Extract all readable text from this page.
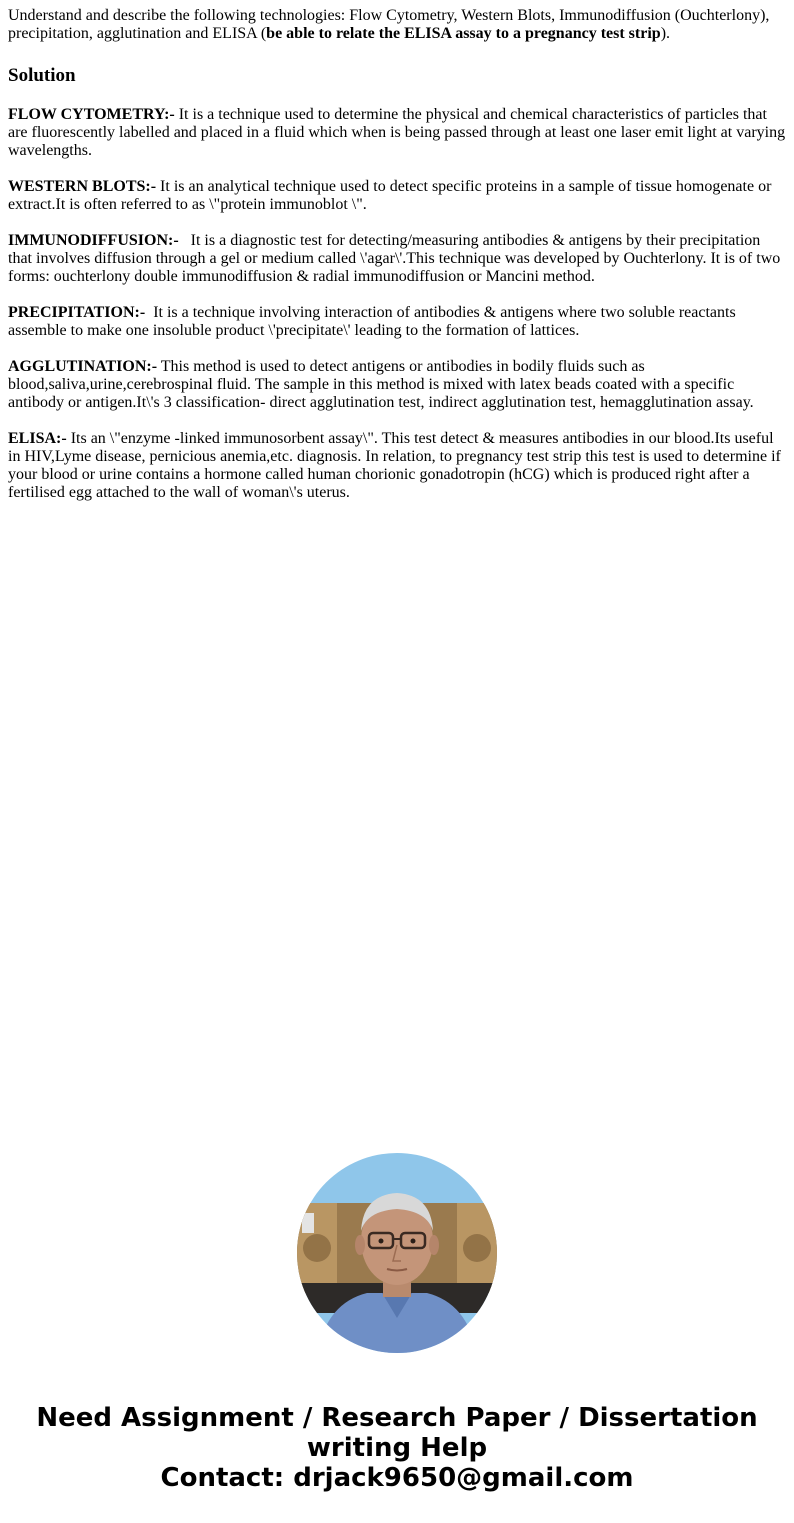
Understand and describe the following technologies: Flow Cytometry, Western Blots, Immunodiffusion (Ouchterlony), precipitation, agglutination and ELISA (be able to relate the ELISA assay to a pregnancy test strip).

Solution

FLOW CYTOMETRY:- It is a technique used to determine the physical and chemical characteristics of particles that are fluorescently labelled and placed in a fluid which when is being passed through at least one laser emit light at varying wavelengths.

WESTERN BLOTS:- It is an analytical technique used to detect specific proteins in a sample of tissue homogenate or extract.It is often referred to as \"protein immunoblot \".

IMMUNODIFFUSION:-   It is a diagnostic test for detecting/measuring antibodies & antigens by their precipitation that involves diffusion through a gel or medium called \'agar\'.This technique was developed by Ouchterlony. It is of two forms: ouchterlony double immunodiffusion & radial immunodiffusion or Mancini method.

PRECIPITATION:-  It is a technique involving interaction of antibodies & antigens where two soluble reactants assemble to make one insoluble product \'precipitate\' leading to the formation of lattices.

AGGLUTINATION:- This method is used to detect antigens or antibodies in bodily fluids such as blood,saliva,urine,cerebrospinal fluid. The sample in this method is mixed with latex beads coated with a specific antibody or antigen.It\'s 3 classification- direct agglutination test, indirect agglutination test, hemagglutination assay.

ELISA:- Its an \"enzyme -linked immunosorbent assay\". This test detect & measures antibodies in our blood.Its useful in HIV,Lyme disease, pernicious anemia,etc. diagnosis. In relation, to pregnancy test strip this test is used to determine if your blood or urine contains a hormone called human chorionic gonadotropin (hCG) which is produced right after a fertilised egg attached to the wall of woman\'s uterus.

Need Assignment / Research Paper / Dissertation
writing Help
Contact: drjack9650@gmail.com
